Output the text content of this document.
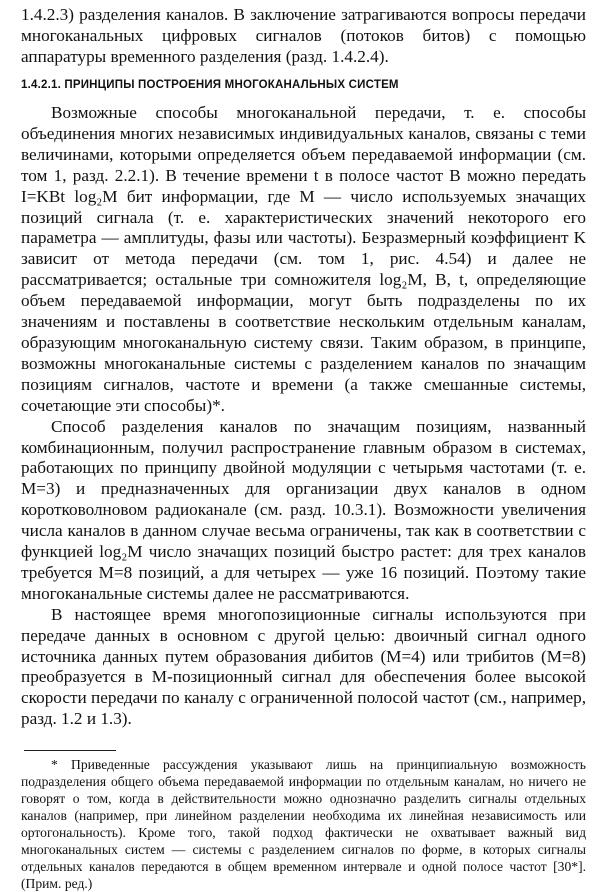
1.4.2.3) разделения каналов. В заключение затрагиваются вопросы передачи многоканальных цифровых сигналов (потоков битов) с помощью аппаратуры временного разделения (разд. 1.4.2.4).

1.4.2.1. ПРИНЦИПЫ ПОСТРОЕНИЯ МНОГОКАНАЛЬНЫХ СИСТЕМ

Возможные способы многоканальной передачи, т. е. способы объединения многих независимых индивидуальных каналов, связаны с теми величинами, которыми определяется объем передаваемой информации (см. том 1, разд. 2.2.1). В течение времени t в полосе частот B можно передать I=KBt log₂M бит информации, где M — число используемых значащих позиций сигнала (т. е. характеристических значений некоторого его параметра — амплитуды, фазы или частоты). Безразмерный коэффициент K зависит от метода передачи (см. том 1, рис. 4.54) и далее не рассматривается; остальные три сомножителя log₂M, B, t, определяющие объем передаваемой информации, могут быть подразделены по их значениям и поставлены в соответствие нескольким отдельным каналам, образующим многоканальную систему связи. Таким образом, в принципе, возможны многоканальные системы с разделением каналов по значащим позициям сигналов, частоте и времени (а также смешанные системы, сочетающие эти способы)*.

Способ разделения каналов по значащим позициям, названный комбинационным, получил распространение главным образом в системах, работающих по принципу двойной модуляции с четырьмя частотами (т. е. M=3) и предназначенных для организации двух каналов в одном коротковолновом радиоканале (см. разд. 10.3.1). Возможности увеличения числа каналов в данном случае весьма ограничены, так как в соответствии с функцией log₂M число значащих позиций быстро растет: для трех каналов требуется M=8 позиций, а для четырех — уже 16 позиций. Поэтому такие многоканальные системы далее не рассматриваются.

В настоящее время многопозиционные сигналы используются при передаче данных в основном с другой целью: двоичный сигнал одного источника данных путем образования дибитов (M=4) или трибитов (M=8) преобразуется в M-позиционный сигнал для обеспечения более высокой скорости передачи по каналу с ограниченной полосой частот (см., например, разд. 1.2 и 1.3).

* Приведенные рассуждения указывают лишь на принципиальную возможность подразделения общего объема передаваемой информации по отдельным каналам, но ничего не говорят о том, когда в действительности можно однозначно разделить сигналы отдельных каналов (например, при линейном разделении необходима их линейная независимость или ортогональность). Кроме того, такой подход фактически не охватывает важный вид многоканальных систем — системы с разделением сигналов по форме, в которых сигналы отдельных каналов передаются в общем временном интервале и одной полосе частот [30*]. (Прим. ред.)
